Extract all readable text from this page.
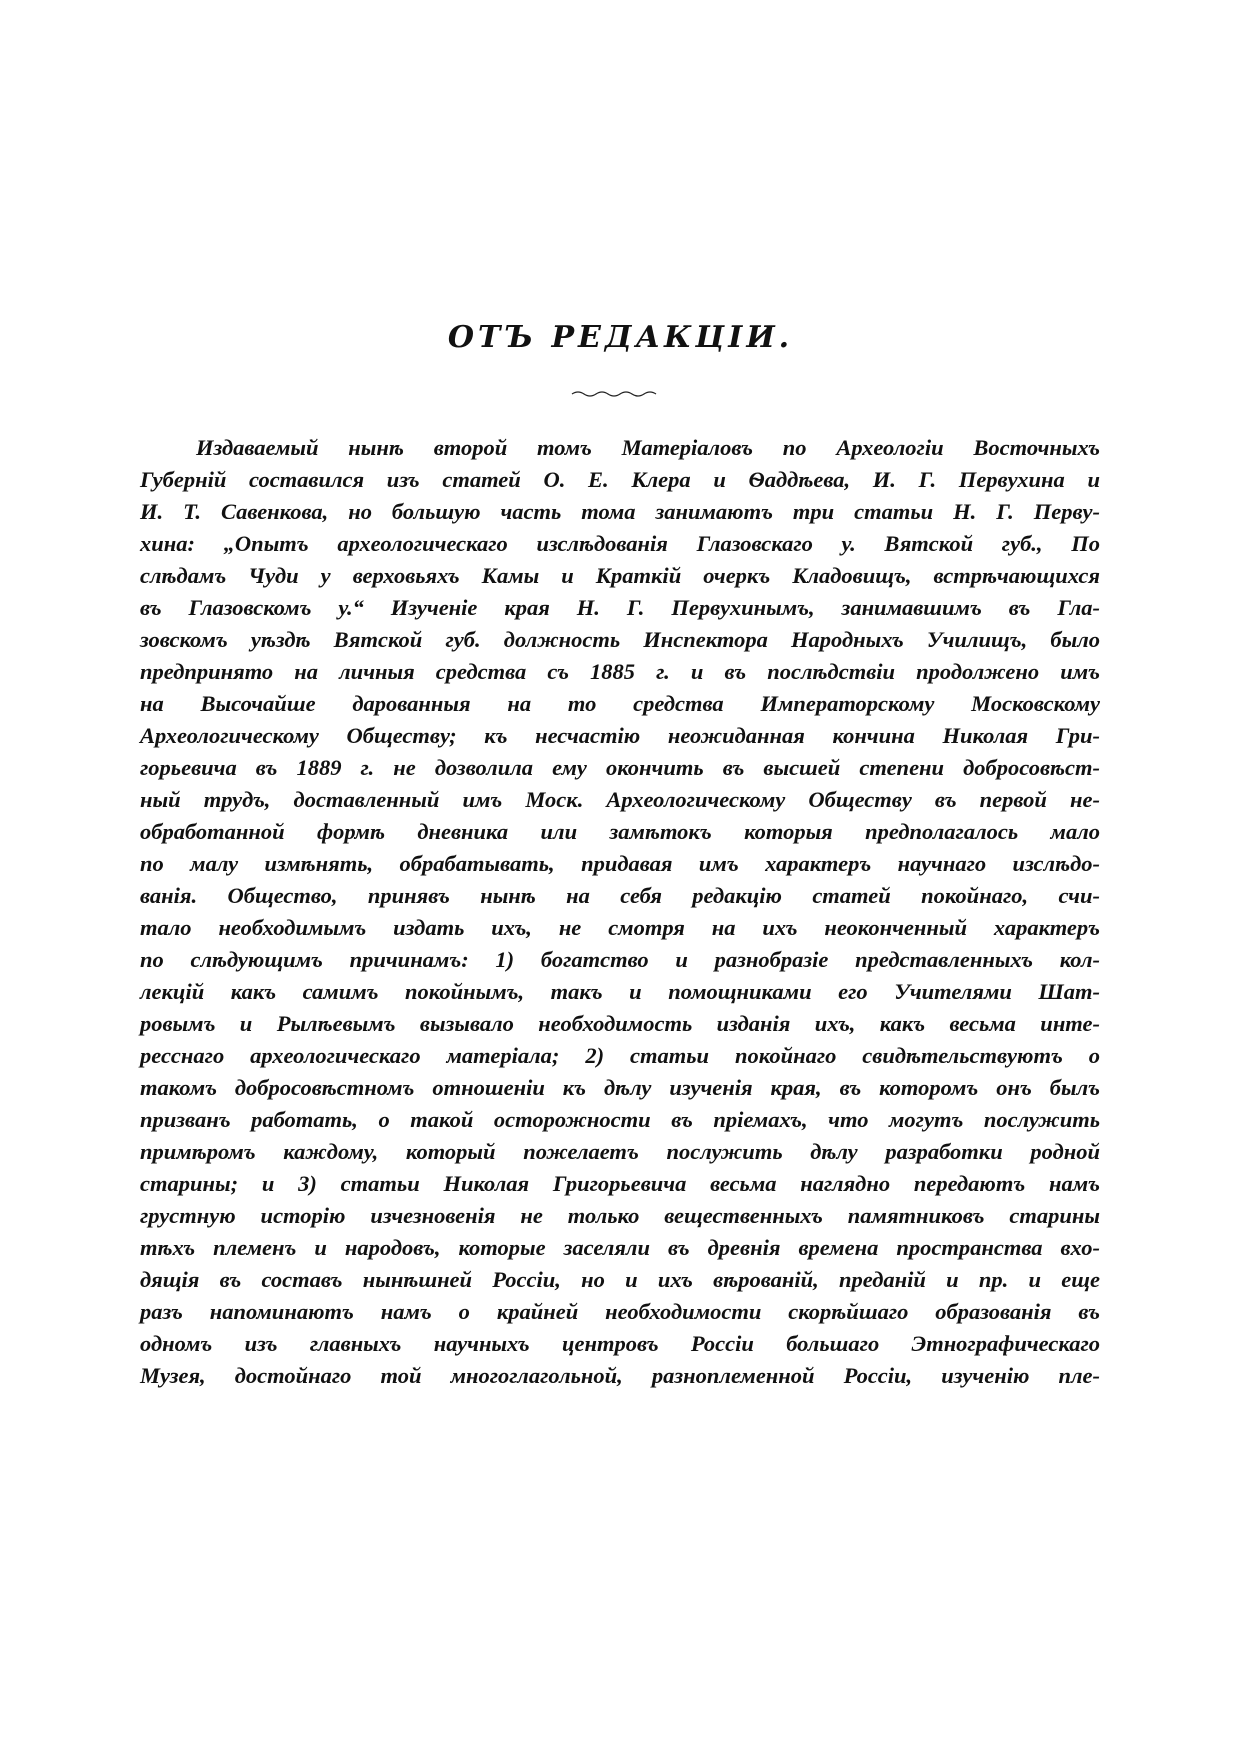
ОТЪ РЕДАКЦІИ.
Издаваемый нынѣ второй томъ Матеріаловъ по Археологіи Восточныхъ
Губерній составился изъ статей О. Е. Клера и Ѳаддѣева, И. Г. Первухина и
И. Т. Савенкова, но большую часть тома занимаютъ три статьи Н. Г. Перву-
хина: „Опытъ археологическаго изслѣдованія Глазовскаго у. Вятской губ., По
слѣдамъ Чуди у верховьяхъ Камы и Краткій очеркъ Кладовищъ, встрѣчающихся
въ Глазовскомъ у.“ Изученіе края Н. Г. Первухинымъ, занимавшимъ въ Гла-
зовскомъ уѣздѣ Вятской губ. должность Инспектора Народныхъ Училищъ, было
предпринято на личныя средства съ 1885 г. и въ послѣдствіи продолжено имъ
на Высочайше дарованныя на то средства Императорскому Московскому
Археологическому Обществу; къ несчастію неожиданная кончина Николая Гри-
горьевича въ 1889 г. не дозволила ему окончить въ высшей степени добросовѣст-
ный трудъ, доставленный имъ Моск. Археологическому Обществу въ первой не-
обработанной формѣ дневника или замѣтокъ которыя предполагалось мало
по малу измѣнять, обрабатывать, придавая имъ характеръ научнаго изслѣдо-
ванія. Общество, принявъ нынѣ на себя редакцію статей покойнаго, счи-
тало необходимымъ издать ихъ, не смотря на ихъ неоконченный характеръ
по слѣдующимъ причинамъ: 1) богатство и разнобразіе представленныхъ кол-
лекцій какъ самимъ покойнымъ, такъ и помощниками его Учителями Шат-
ровымъ и Рылѣевымъ вызывало необходимость изданія ихъ, какъ весьма инте-
ресснаго археологическаго матеріала; 2) статьи покойнаго свидѣтельствуютъ о
такомъ добросовѣстномъ отношеніи къ дѣлу изученія края, въ которомъ онъ былъ
призванъ работать, о такой осторожности въ пріемахъ, что могутъ послужить
примѣромъ каждому, который пожелаетъ послужить дѣлу разработки родной
старины; и 3) статьи Николая Григорьевича весьма наглядно передаютъ намъ
грустную исторію изчезновенія не только вещественныхъ памятниковъ старины
тѣхъ племенъ и народовъ, которые заселяли въ древнія времена пространства вхо-
дящія въ составъ нынѣшней Россіи, но и ихъ вѣрованій, преданій и пр. и еще
разъ напоминаютъ намъ о крайней необходимости скорѣйшаго образованія въ
одномъ изъ главныхъ научныхъ центровъ Россіи большаго Этнографическаго
Музея, достойнаго той многоглагольной, разноплеменной Россіи, изученію пле-
